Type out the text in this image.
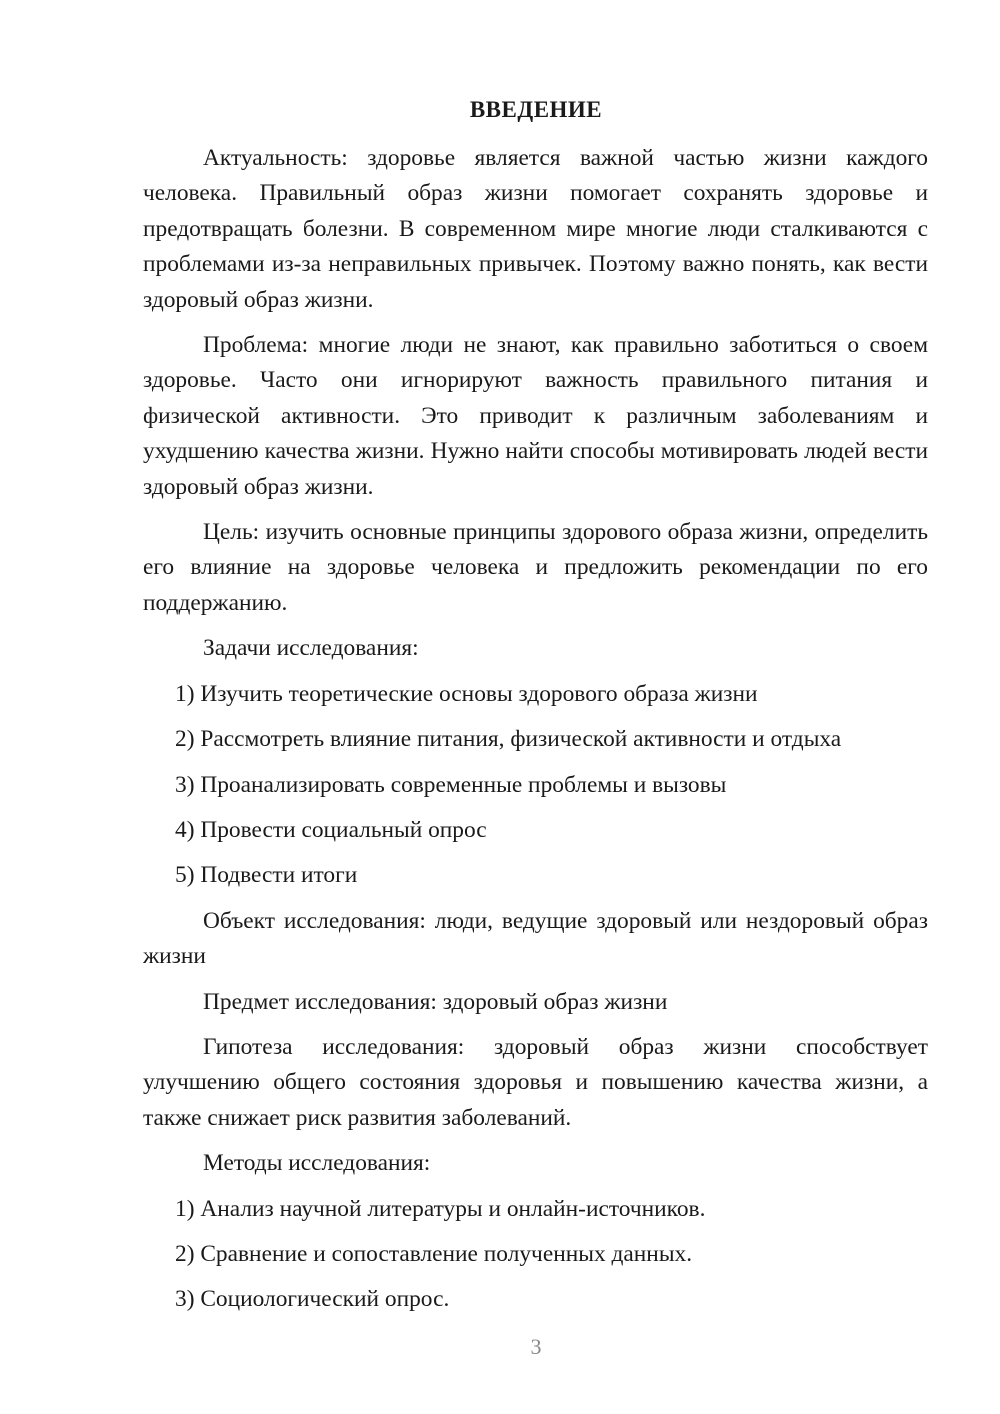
ВВЕДЕНИЕ

Актуальность: здоровье является важной частью жизни каждого человека. Правильный образ жизни помогает сохранять здоровье и предотвращать болезни. В современном мире многие люди сталкиваются с проблемами из-за неправильных привычек. Поэтому важно понять, как вести здоровый образ жизни.

Проблема: многие люди не знают, как правильно заботиться о своем здоровье. Часто они игнорируют важность правильного питания и физической активности. Это приводит к различным заболеваниям и ухудшению качества жизни. Нужно найти способы мотивировать людей вести здоровый образ жизни.

Цель: изучить основные принципы здорового образа жизни, определить его влияние на здоровье человека и предложить рекомендации по его поддержанию.

Задачи исследования:

1) Изучить теоретические основы здорового образа жизни

2) Рассмотреть влияние питания, физической активности и отдыха

3) Проанализировать современные проблемы и вызовы

4) Провести социальный опрос

5) Подвести итоги

Объект исследования: люди, ведущие здоровый или нездоровый образ жизни

Предмет исследования: здоровый образ жизни

Гипотеза исследования: здоровый образ жизни способствует улучшению общего состояния здоровья и повышению качества жизни, а также снижает риск развития заболеваний.

Методы исследования:

1) Анализ научной литературы и онлайн-источников.

2) Сравнение и сопоставление полученных данных.

3) Социологический опрос.

3
